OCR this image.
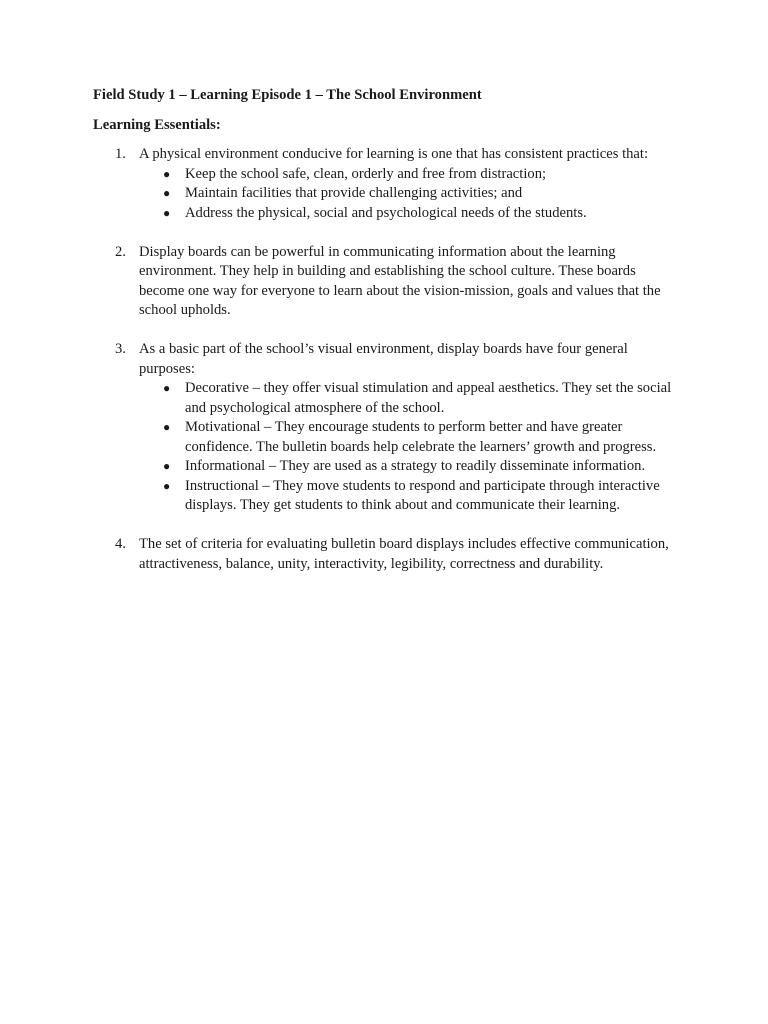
Field Study 1 – Learning Episode 1 – The School Environment
Learning Essentials:
1. A physical environment conducive for learning is one that has consistent practices that:
● Keep the school safe, clean, orderly and free from distraction;
● Maintain facilities that provide challenging activities; and
● Address the physical, social and psychological needs of the students.
2. Display boards can be powerful in communicating information about the learning environment. They help in building and establishing the school culture. These boards become one way for everyone to learn about the vision-mission, goals and values that the school upholds.
3. As a basic part of the school’s visual environment, display boards have four general purposes:
● Decorative – they offer visual stimulation and appeal aesthetics. They set the social and psychological atmosphere of the school.
● Motivational – They encourage students to perform better and have greater confidence. The bulletin boards help celebrate the learners’ growth and progress.
● Informational – They are used as a strategy to readily disseminate information.
● Instructional – They move students to respond and participate through interactive displays. They get students to think about and communicate their learning.
4. The set of criteria for evaluating bulletin board displays includes effective communication, attractiveness, balance, unity, interactivity, legibility, correctness and durability.
